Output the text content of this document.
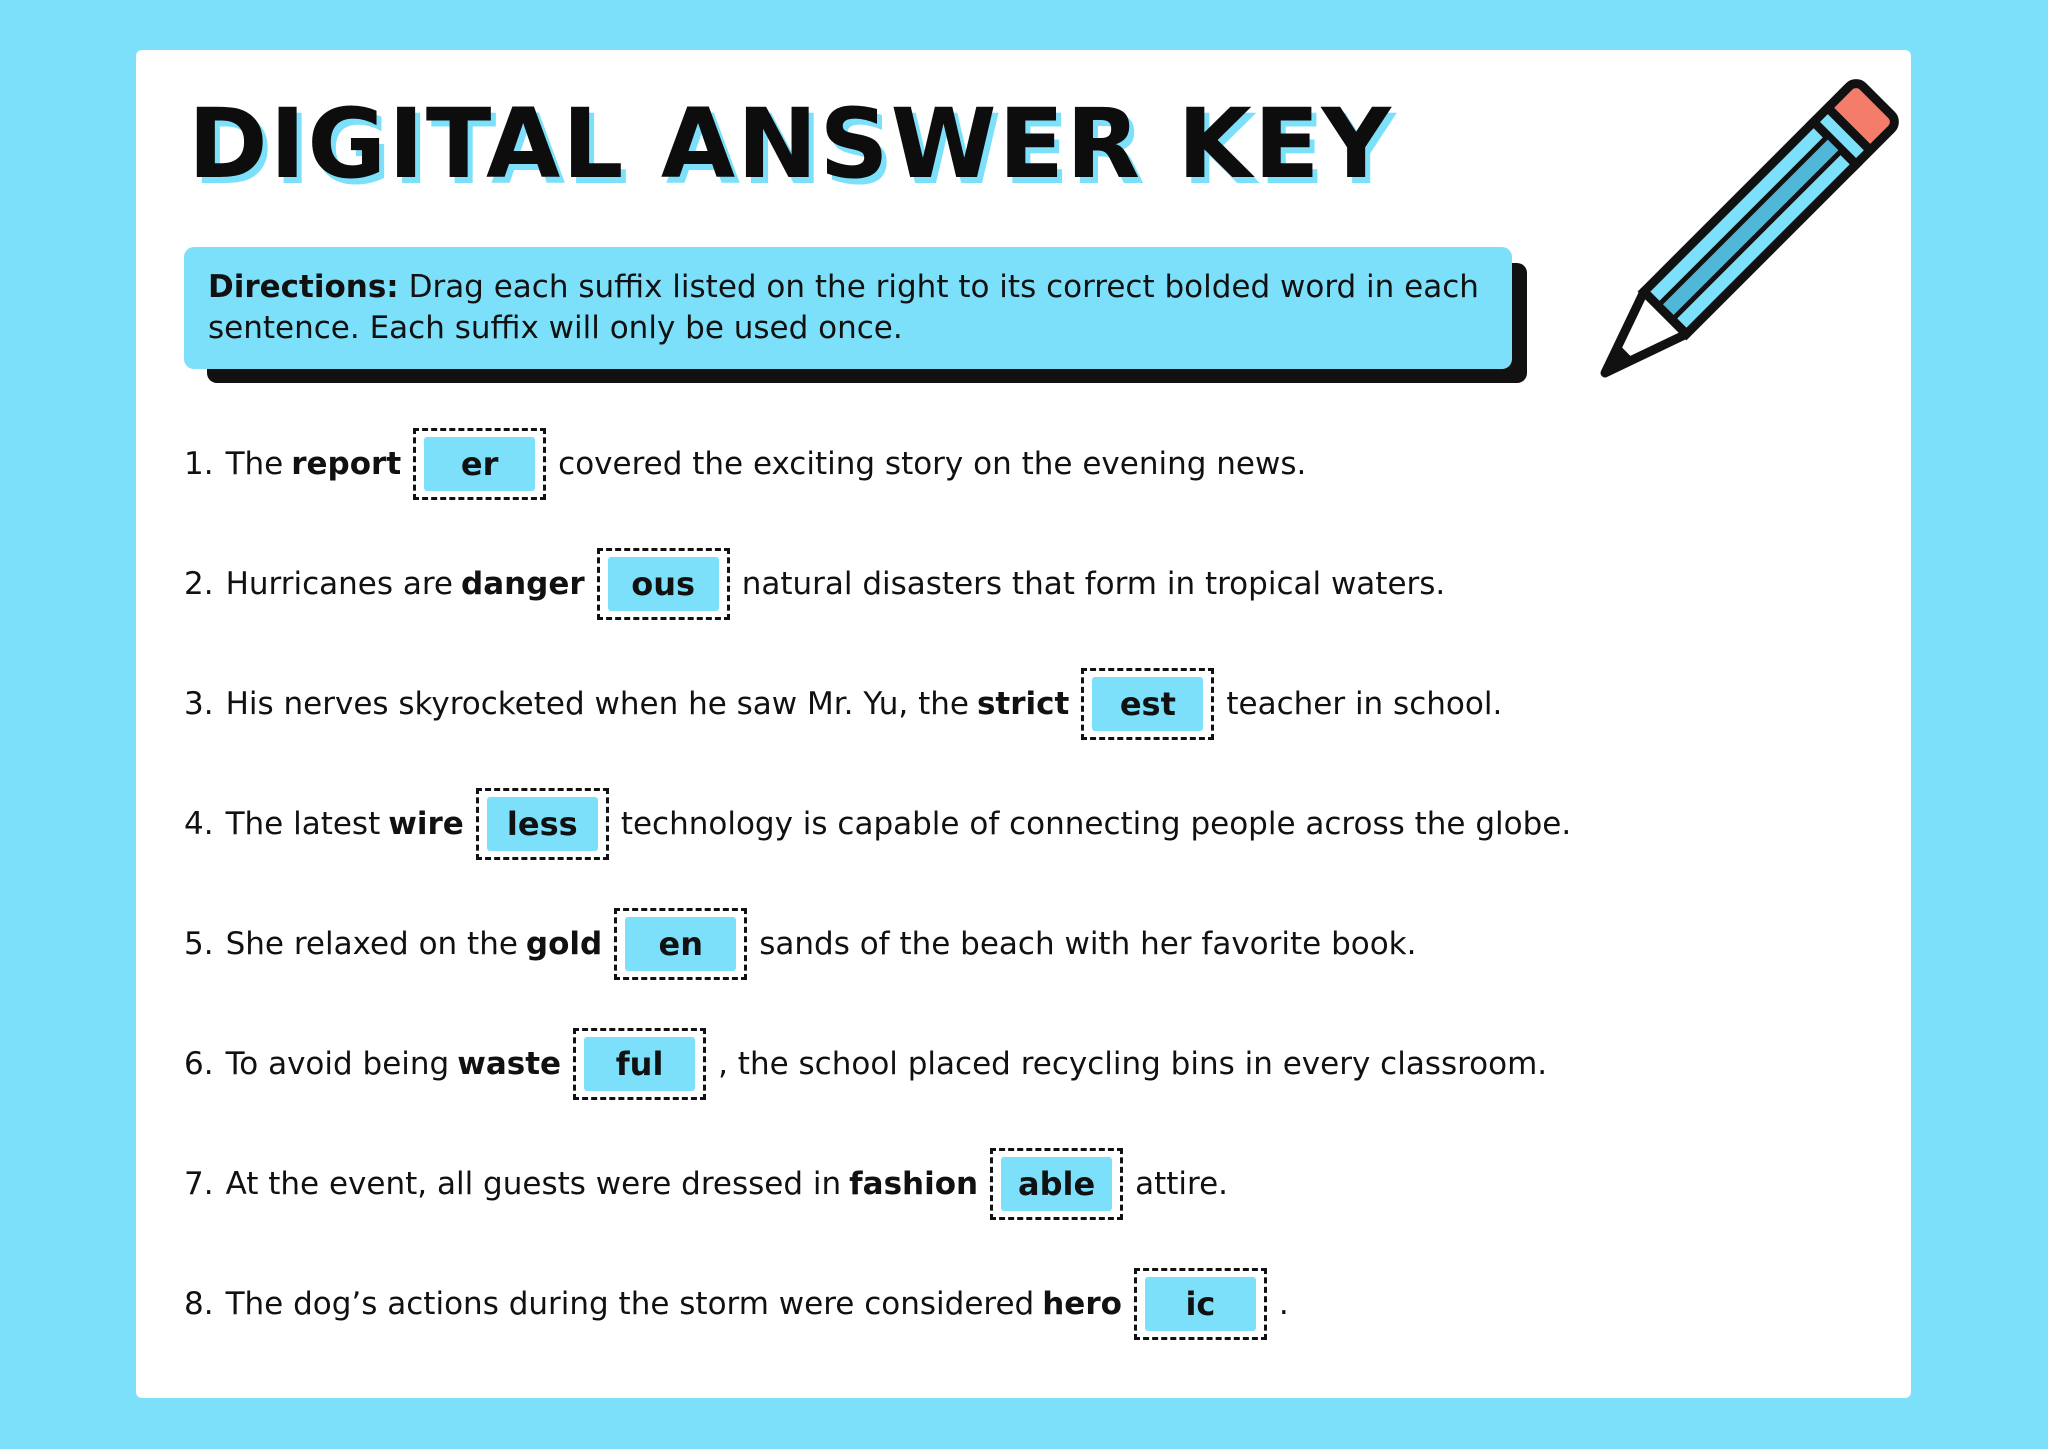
DIGITAL ANSWER KEY
Directions: Drag each suffix listed on the right to its correct bolded word in each sentence. Each suffix will only be used once.
1. The report	er	covered the exciting story on the evening news.
2. Hurricanes are danger	ous	natural disasters that form in tropical waters.
3. His nerves skyrocketed when he saw Mr. Yu, the strict	est	teacher in school.
4. The latest wire	less	technology is capable of connecting people across the globe.
5. She relaxed on the gold	en	sands of the beach with her favorite book.
6. To avoid being waste	ful	, the school placed recycling bins in every classroom.
7. At the event, all guests were dressed in fashion	able	attire.
8. The dog’s actions during the storm were considered hero	ic	.
